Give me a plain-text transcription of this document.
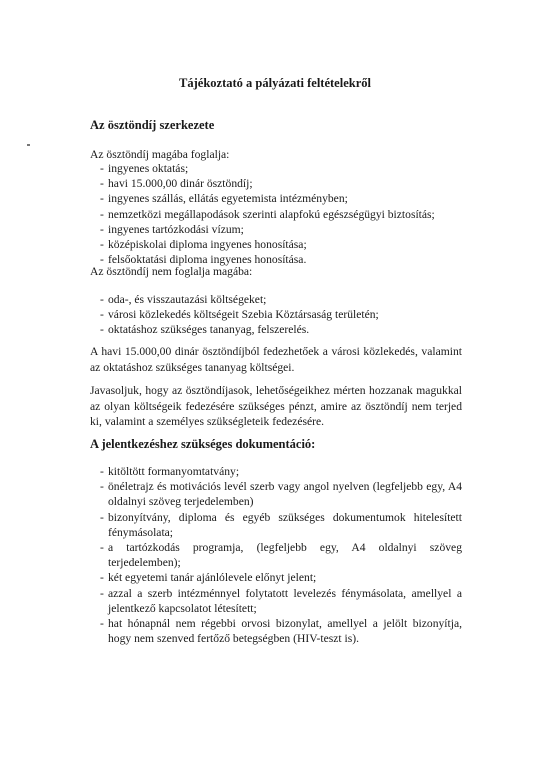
Tájékoztató a pályázati feltételekről
Az ösztöndíj szerkezete
Az ösztöndíj magába foglalja:
- ingyenes oktatás;
- havi 15.000,00 dinár ösztöndíj;
- ingyenes szállás, ellátás egyetemista intézményben;
- nemzetközi megállapodások szerinti alapfokú egészségügyi biztosítás;
- ingyenes tartózkodási vízum;
- középiskolai diploma ingyenes honosítása;
- felsőoktatási diploma ingyenes honosítása.
Az ösztöndíj nem foglalja magába:
- oda-, és visszautazási költségeket;
- városi közlekedés költségeit Szebia Köztársaság területén;
- oktatáshoz szükséges tananyag, felszerelés.
A havi 15.000,00 dinár ösztöndíjból fedezhetőek a városi közlekedés, valamint az oktatáshoz szükséges tananyag költségei.
Javasoljuk, hogy az ösztöndíjasok, lehetőségeikhez mérten hozzanak magukkal az olyan költségeik fedezésére szükséges pénzt, amire az ösztöndíj nem terjed ki, valamint a személyes szükségleteik fedezésére.
A jelentkezéshez szükséges dokumentáció:
- kitöltött formanyomtatvány;
- önéletrajz és motivációs levél szerb vagy angol nyelven (legfeljebb egy, A4 oldalnyi szöveg terjedelemben)
- bizonyítvány, diploma és egyéb szükséges dokumentumok hitelesített fénymásolata;
- a tartózkodás programja, (legfeljebb egy, A4 oldalnyi szöveg terjedelemben);
- két egyetemi tanár ajánlólevele előnyt jelent;
- azzal a szerb intézménnyel folytatott levelezés fénymásolata, amellyel a jelentkező kapcsolatot létesített;
- hat hónapnál nem régebbi orvosi bizonylat, amellyel a jelölt bizonyítja, hogy nem szenved fertőző betegségben (HIV-teszt is).
